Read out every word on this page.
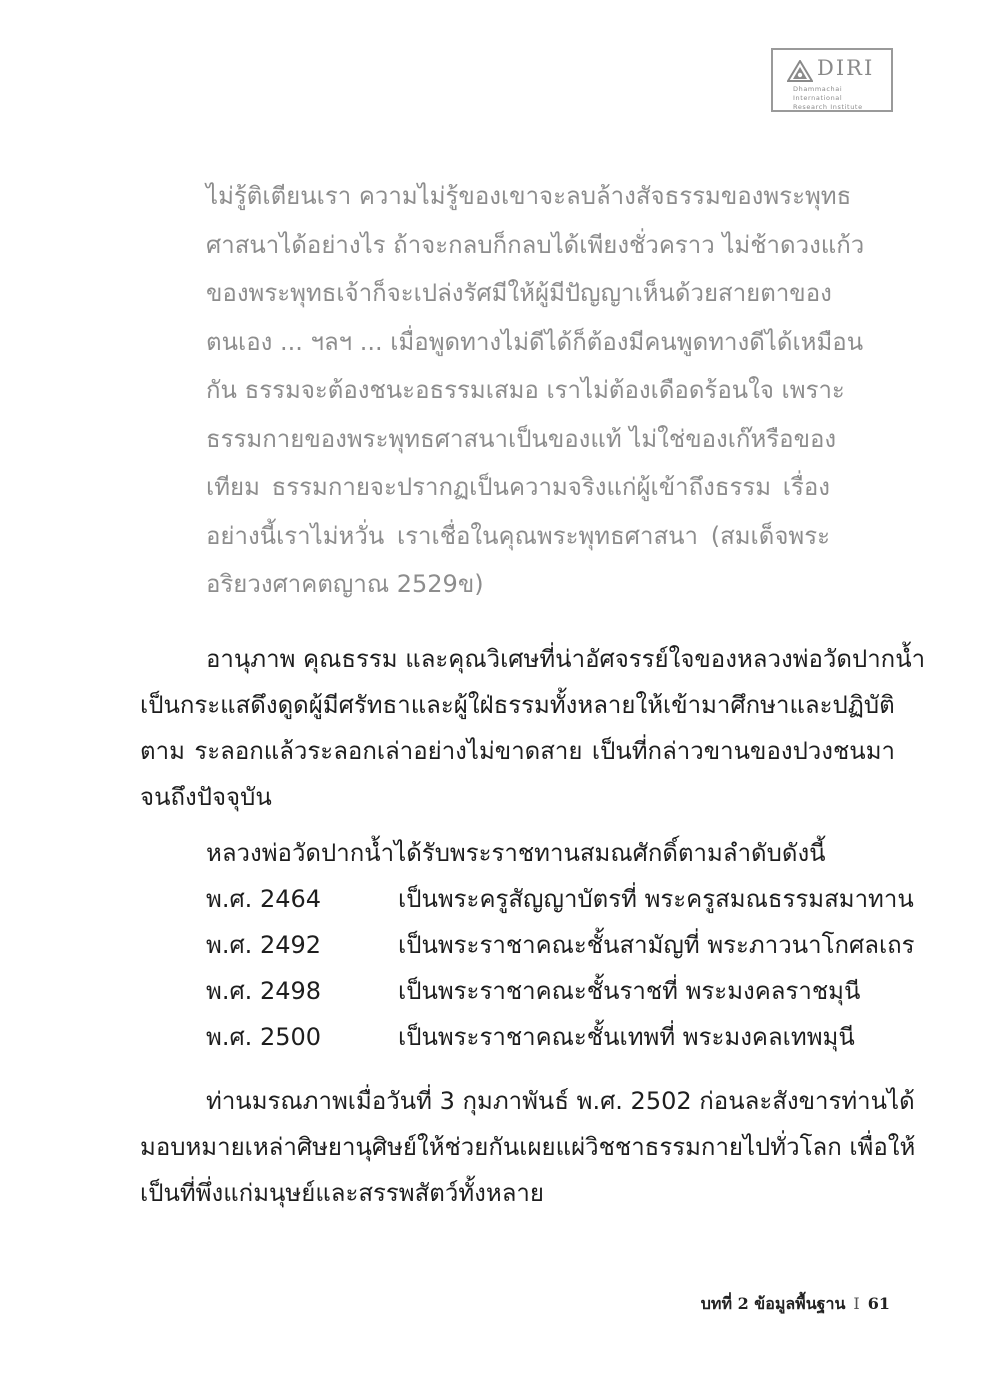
DIRI
Dhammachai International
Research Institute
ไม่รู้ติเตียนเรา ความไม่รู้ของเขาจะลบล้างสัจธรรมของพระพุทธ
ศาสนาได้อย่างไร ถ้าจะกลบก็กลบได้เพียงชั่วคราว ไม่ช้าดวงแก้ว
ของพระพุทธเจ้าก็จะเปล่งรัศมีให้ผู้มีปัญญาเห็นด้วยสายตาของ
ตนเอง ... ฯลฯ ... เมื่อพูดทางไม่ดีได้ก็ต้องมีคนพูดทางดีได้เหมือน
กัน ธรรมจะต้องชนะอธรรมเสมอ เราไม่ต้องเดือดร้อนใจ เพราะ
ธรรมกายของพระพุทธศาสนาเป็นของแท้ ไม่ใช่ของเก๊หรือของ
เทียม ธรรมกายจะปรากฏเป็นความจริงแก่ผู้เข้าถึงธรรม เรื่อง
อย่างนี้เราไม่หวั่น เราเชื่อในคุณพระพุทธศาสนา (สมเด็จพระ
อริยวงศาคตญาณ 2529ข)
อานุภาพ คุณธรรม และคุณวิเศษที่น่าอัศจรรย์ใจของหลวงพ่อวัดปากน้ำ
เป็นกระแสดึงดูดผู้มีศรัทธาและผู้ใฝ่ธรรมทั้งหลายให้เข้ามาศึกษาและปฏิบัติ
ตาม ระลอกแล้วระลอกเล่าอย่างไม่ขาดสาย เป็นที่กล่าวขานของปวงชนมา
จนถึงปัจจุบัน
หลวงพ่อวัดปากน้ำได้รับพระราชทานสมณศักดิ์ตามลำดับดังนี้
พ.ศ. 2464	เป็นพระครูสัญญาบัตรที่ พระครูสมณธรรมสมาทาน
พ.ศ. 2492	เป็นพระราชาคณะชั้นสามัญที่ พระภาวนาโกศลเถร
พ.ศ. 2498	เป็นพระราชาคณะชั้นราชที่ พระมงคลราชมุนี
พ.ศ. 2500	เป็นพระราชาคณะชั้นเทพที่ พระมงคลเทพมุนี
ท่านมรณภาพเมื่อวันที่ 3 กุมภาพันธ์ พ.ศ. 2502 ก่อนละสังขารท่านได้
มอบหมายเหล่าศิษยานุศิษย์ให้ช่วยกันเผยแผ่วิชชาธรรมกายไปทั่วโลก เพื่อให้
เป็นที่พึ่งแก่มนุษย์และสรรพสัตว์ทั้งหลาย
บทที่ 2 ข้อมูลพื้นฐาน I 61
